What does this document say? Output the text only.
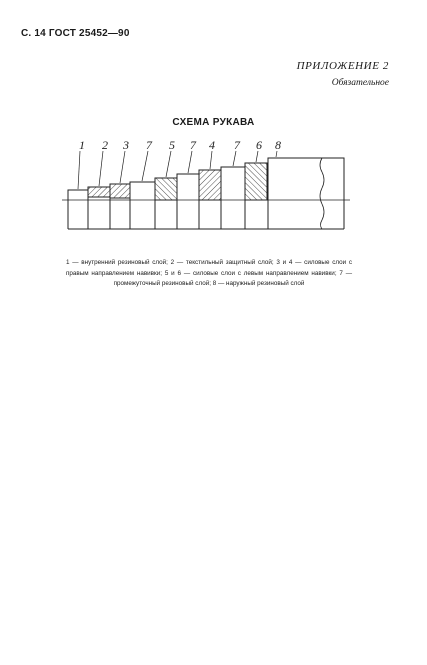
С. 14 ГОСТ 25452—90
ПРИЛОЖЕНИЕ 2
Обязательное
СХЕМА РУКАВА
1 2 3 7 5 7 4 7 6 8
1 — внутренний резиновый слой; 2 — текстильный защитный слой; 3 и 4 — силовые слои с правым направлением навивки; 5 и 6 — силовые слои с левым направлением навивки; 7 — промежуточный резиновый слой; 8 — наружный резиновый слой
